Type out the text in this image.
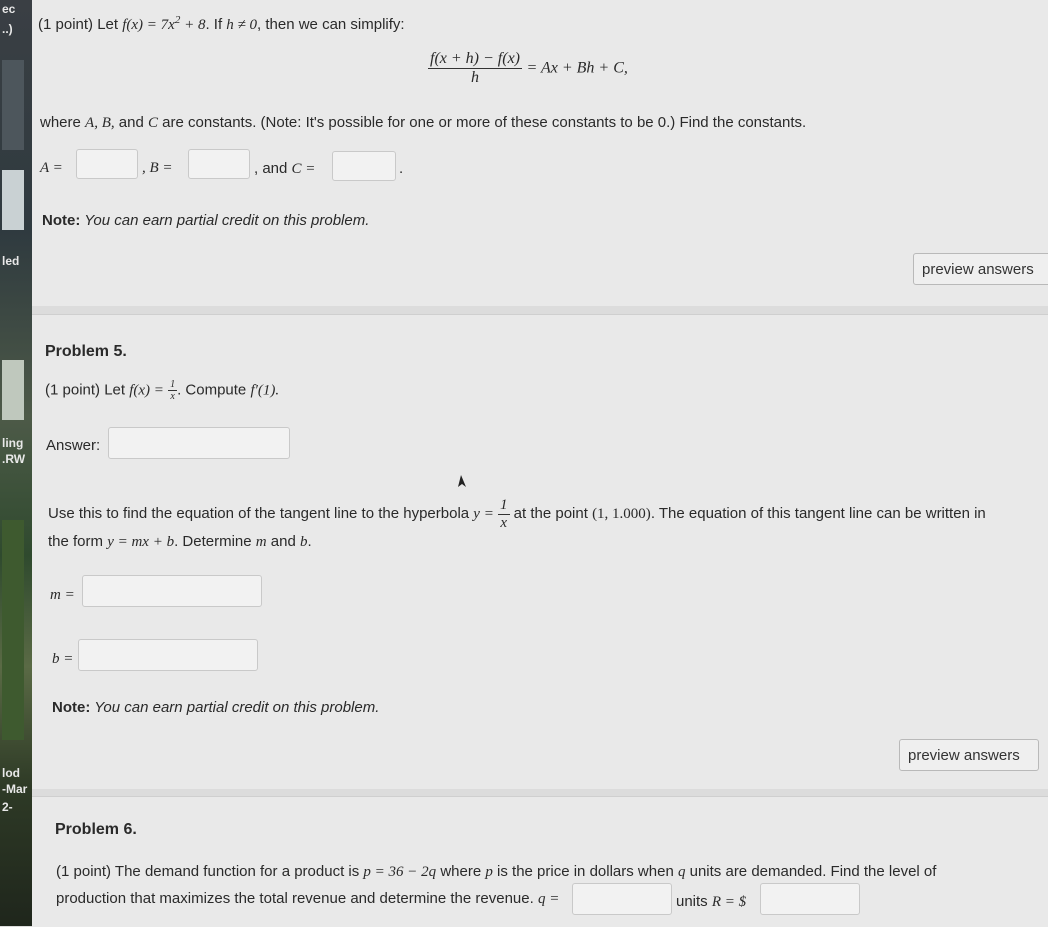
ec
..)
led
ling
.RW
lod
-Mar
2-
(1 point) Let $f(x) = 7x^2 + 8$. If h ≠ 0, then we can simplify:
$\frac{f(x + h) - f(x)}{h} = Ax + Bh + C$,
where A, B, and C are constants. (Note: It's possible for one or more of these constants to be 0.) Find the constants.
A =	, B =	, and C =	.
Note: You can earn partial credit on this problem.
preview answers
Problem 5.
(1 point) Let $f(x) = \frac{1}{x}$ . Compute f′(1).
Answer:
Use this to find the equation of the tangent line to the hyperbola $y = \frac{1}{x}$ at the point (1, 1.000). The equation of this tangent line can be written in
the form y = mx + b. Determine m and b.
m =
b =
Note: You can earn partial credit on this problem.
preview answers
Problem 6.
(1 point) The demand function for a product is p = 36 − 2q where p is the price in dollars when q units are demanded. Find the level of
production that maximizes the total revenue and determine the revenue. q =	units R = $
